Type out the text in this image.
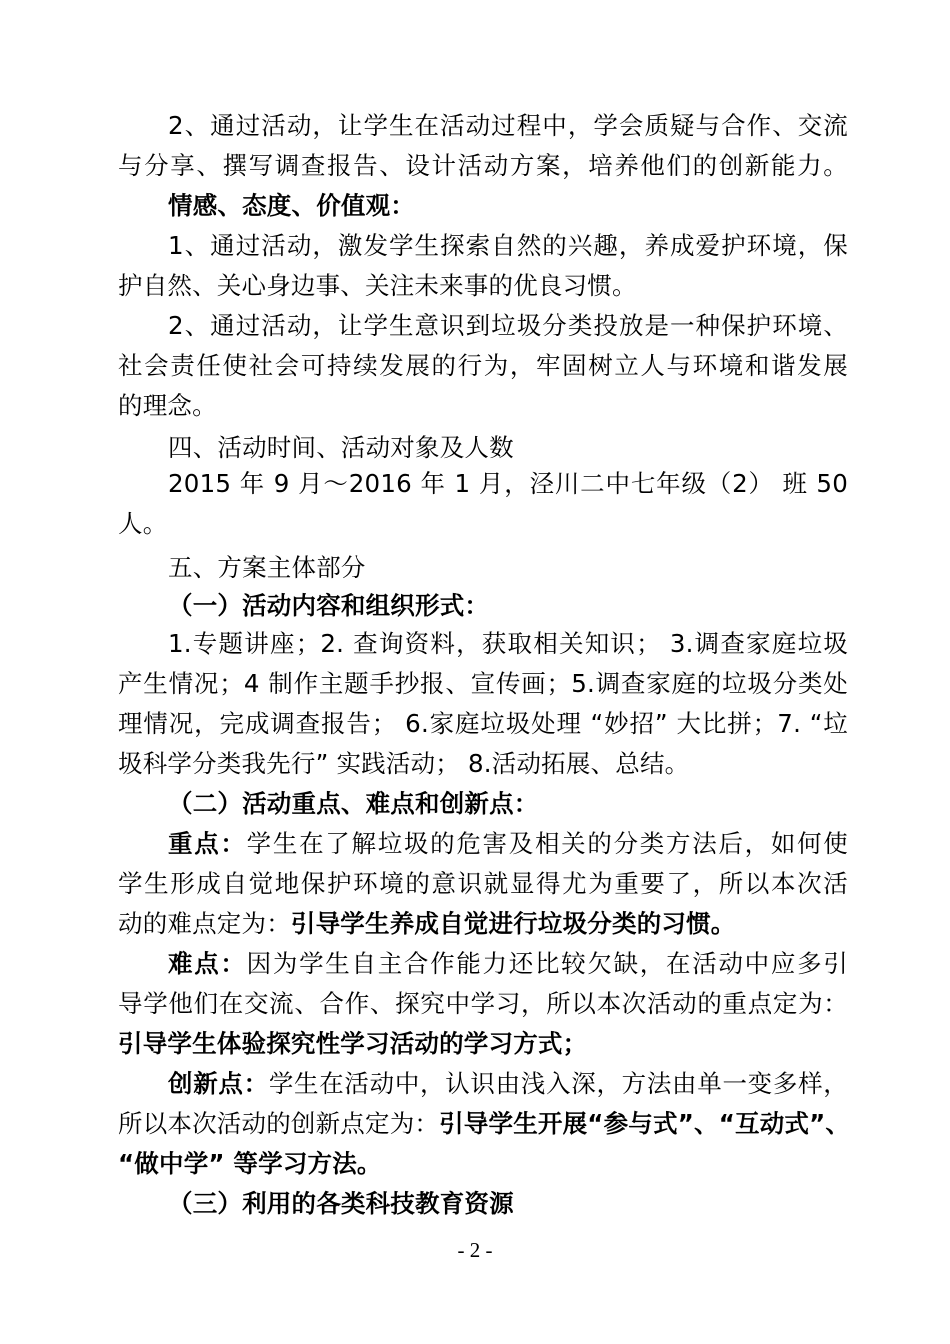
2、通过活动，让学生在活动过程中，学会质疑与合作、交流
与分享、撰写调查报告、设计活动方案，培养他们的创新能力。
情感、态度、价值观：
1、通过活动，激发学生探索自然的兴趣，养成爱护环境，保
护自然、关心身边事、关注未来事的优良习惯。
2、通过活动，让学生意识到垃圾分类投放是一种保护环境、
社会责任使社会可持续发展的行为，牢固树立人与环境和谐发展
的理念。
四、活动时间、活动对象及人数
2015 年 9 月～2016 年 1 月，泾川二中七年级（2） 班 50
人。
五、方案主体部分
（一）活动内容和组织形式：
1.专题讲座；2. 查询资料，获取相关知识； 3.调查家庭垃圾
产生情况；4 制作主题手抄报、宣传画；5.调查家庭的垃圾分类处
理情况，完成调查报告； 6.家庭垃圾处理 “妙招” 大比拼；7. “垃
圾科学分类我先行” 实践活动； 8.活动拓展、总结。
（二）活动重点、难点和创新点：
重点：学生在了解垃圾的危害及相关的分类方法后，如何使
学生形成自觉地保护环境的意识就显得尤为重要了，所以本次活
动的难点定为：引导学生养成自觉进行垃圾分类的习惯。
难点：因为学生自主合作能力还比较欠缺，在活动中应多引
导学他们在交流、合作、探究中学习，所以本次活动的重点定为：
引导学生体验探究性学习活动的学习方式；
创新点：学生在活动中，认识由浅入深，方法由单一变多样，
所以本次活动的创新点定为：引导学生开展“参与式”、“互动式”、
“做中学” 等学习方法。
（三）利用的各类科技教育资源
- 2 -
